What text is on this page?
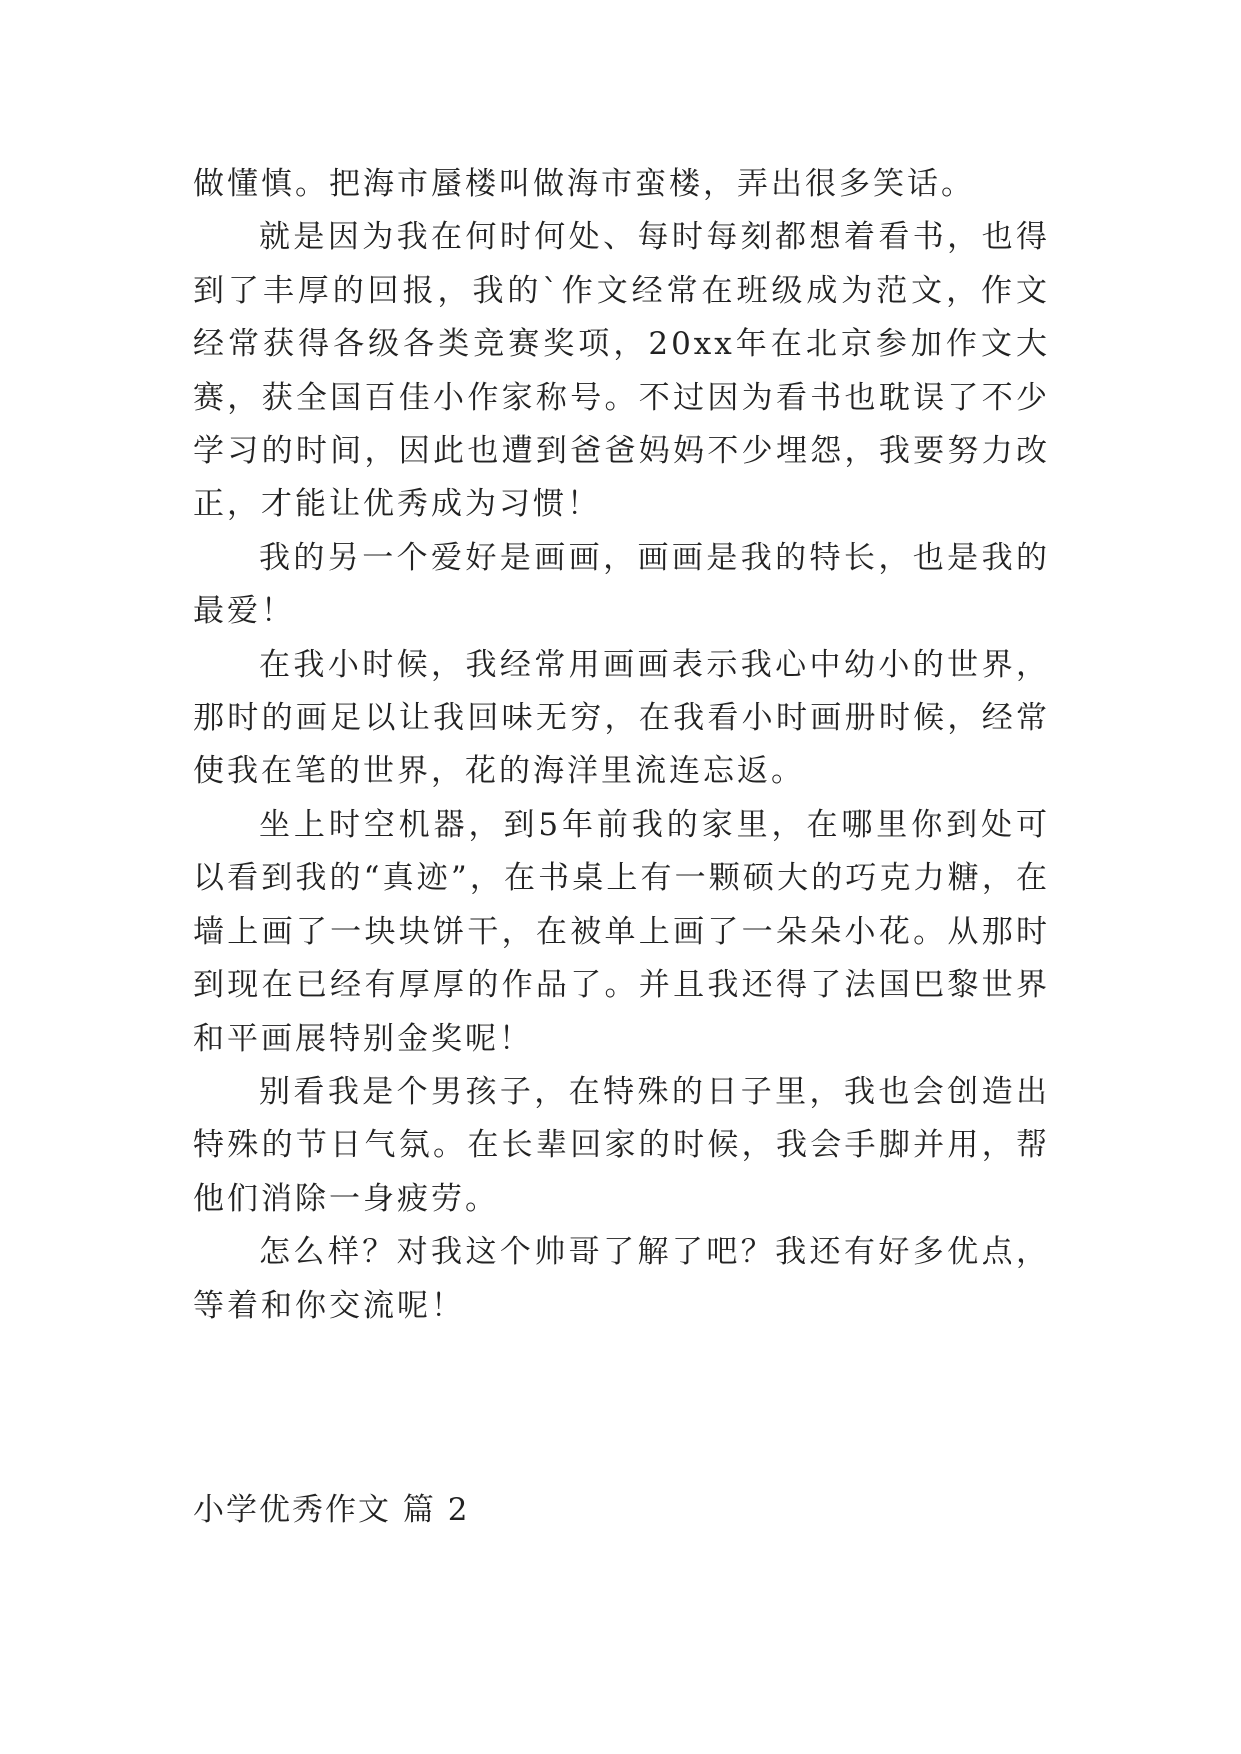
做懂慎。把海市蜃楼叫做海市蛮楼，弄出很多笑话。

就是因为我在何时何处、每时每刻都想着看书，也得到了丰厚的回报，我的`作文经常在班级成为范文，作文经常获得各级各类竞赛奖项，20xx年在北京参加作文大赛，获全国百佳小作家称号。不过因为看书也耽误了不少学习的时间，因此也遭到爸爸妈妈不少埋怨，我要努力改正，才能让优秀成为习惯！

我的另一个爱好是画画，画画是我的特长，也是我的最爱！

在我小时候，我经常用画画表示我心中幼小的世界，那时的画足以让我回味无穷，在我看小时画册时候，经常使我在笔的世界，花的海洋里流连忘返。

坐上时空机器，到5年前我的家里，在哪里你到处可以看到我的“真迹”，在书桌上有一颗硕大的巧克力糖，在墙上画了一块块饼干，在被单上画了一朵朵小花。从那时到现在已经有厚厚的作品了。并且我还得了法国巴黎世界和平画展特别金奖呢！

别看我是个男孩子，在特殊的日子里，我也会创造出特殊的节日气氛。在长辈回家的时候，我会手脚并用，帮他们消除一身疲劳。

怎么样？对我这个帅哥了解了吧？我还有好多优点，等着和你交流呢！

小学优秀作文 篇 2
